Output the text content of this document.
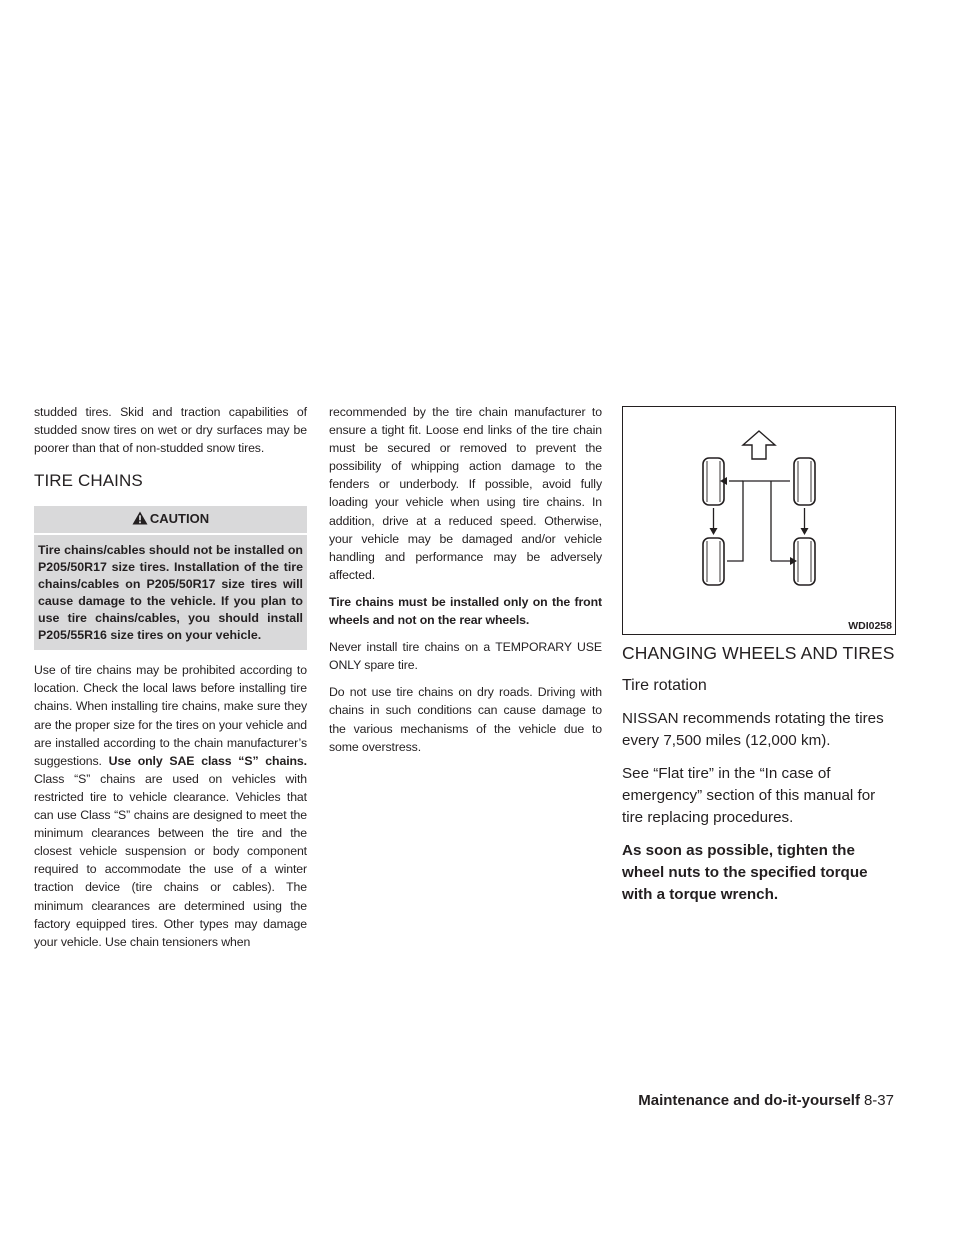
studded tires. Skid and traction capabilities of studded snow tires on wet or dry surfaces may be poorer than that of non-studded snow tires.

TIRE CHAINS
CAUTION
Tire chains/cables should not be installed on P205/50R17 size tires. Installation of the tire chains/cables on P205/50R17 size tires will cause damage to the vehicle. If you plan to use tire chains/cables, you should install P205/55R16 size tires on your vehicle.

Use of tire chains may be prohibited according to location. Check the local laws before installing tire chains. When installing tire chains, make sure they are the proper size for the tires on your vehicle and are installed according to the chain manufacturer’s suggestions. Use only SAE class “S” chains. Class “S” chains are used on vehicles with restricted tire to vehicle clearance. Vehicles that can use Class “S” chains are designed to meet the minimum clearances between the tire and the closest vehicle suspension or body component required to accommodate the use of a winter traction device (tire chains or cables). The minimum clearances are determined using the factory equipped tires. Other types may damage your vehicle. Use chain tensioners when

recommended by the tire chain manufacturer to ensure a tight fit. Loose end links of the tire chain must be secured or removed to prevent the possibility of whipping action damage to the fenders or underbody. If possible, avoid fully loading your vehicle when using tire chains. In addition, drive at a reduced speed. Otherwise, your vehicle may be damaged and/or vehicle handling and performance may be adversely affected.

Tire chains must be installed only on the front wheels and not on the rear wheels.

Never install tire chains on a TEMPORARY USE ONLY spare tire.

Do not use tire chains on dry roads. Driving with chains in such conditions can cause damage to the various mechanisms of the vehicle due to some overstress.

WDI0258
CHANGING WHEELS AND TIRES
Tire rotation

NISSAN recommends rotating the tires every 7,500 miles (12,000 km).

See “Flat tire” in the “In case of emergency” section of this manual for tire replacing procedures.

As soon as possible, tighten the wheel nuts to the specified torque with a torque wrench.

Maintenance and do-it-yourself 8-37
